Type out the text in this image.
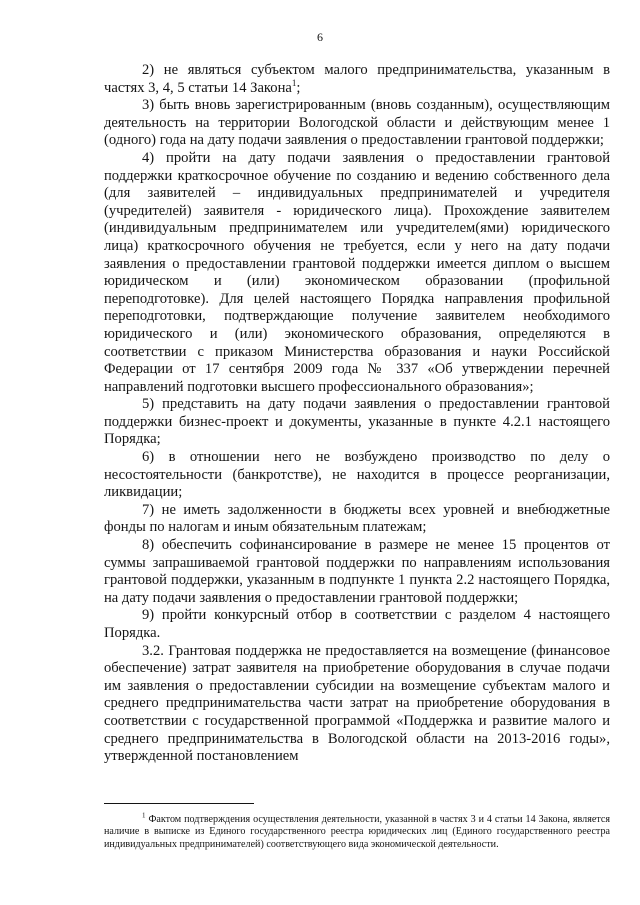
6

2) не являться субъектом малого предпринимательства, указанным в частях 3, 4, 5 статьи 14 Закона$^1$;

3) быть вновь зарегистрированным (вновь созданным), осуществляющим деятельность на территории Вологодской области и действующим менее 1 (одного) года на дату подачи заявления о предоставлении грантовой поддержки;

4) пройти на дату подачи заявления о предоставлении грантовой поддержки краткосрочное обучение по созданию и ведению собственного дела (для заявителей – индивидуальных предпринимателей и учредителя (учредителей) заявителя - юридического лица). Прохождение заявителем (индивидуальным предпринимателем или учредителем(ями) юридического лица) краткосрочного обучения не требуется, если у него на дату подачи заявления о предоставлении грантовой поддержки имеется диплом о высшем юридическом и (или) экономическом образовании (профильной переподготовке). Для целей настоящего Порядка направления профильной переподготовки, подтверждающие получение заявителем необходимого юридического и (или) экономического образования, определяются в соответствии с приказом Министерства образования и науки Российской Федерации от 17 сентября 2009 года № 337 «Об утверждении перечней направлений подготовки высшего профессионального образования»;

5) представить на дату подачи заявления о предоставлении грантовой поддержки бизнес-проект и документы, указанные в пункте 4.2.1 настоящего Порядка;

6) в отношении него не возбуждено производство по делу о несостоятельности (банкротстве), не находится в процессе реорганизации, ликвидации;

7) не иметь задолженности в бюджеты всех уровней и внебюджетные фонды по налогам и иным обязательным платежам;

8) обеспечить софинансирование в размере не менее 15 процентов от суммы запрашиваемой грантовой поддержки по направлениям использования грантовой поддержки, указанным в подпункте 1 пункта 2.2 настоящего Порядка, на дату подачи заявления о предоставлении грантовой поддержки;

9) пройти конкурсный отбор в соответствии с разделом 4 настоящего Порядка.

3.2. Грантовая поддержка не предоставляется на возмещение (финансовое обеспечение) затрат заявителя на приобретение оборудования в случае подачи им заявления о предоставлении субсидии на возмещение субъектам малого и среднего предпринимательства части затрат на приобретение оборудования в соответствии с государственной программой «Поддержка и развитие малого и среднего предпринимательства в Вологодской области на 2013-2016 годы», утвержденной постановлением

$^1$ Фактом подтверждения осуществления деятельности, указанной в частях 3 и 4 статьи 14 Закона, является наличие в выписке из Единого государственного реестра юридических лиц (Единого государственного реестра индивидуальных предпринимателей) соответствующего вида экономической деятельности.
